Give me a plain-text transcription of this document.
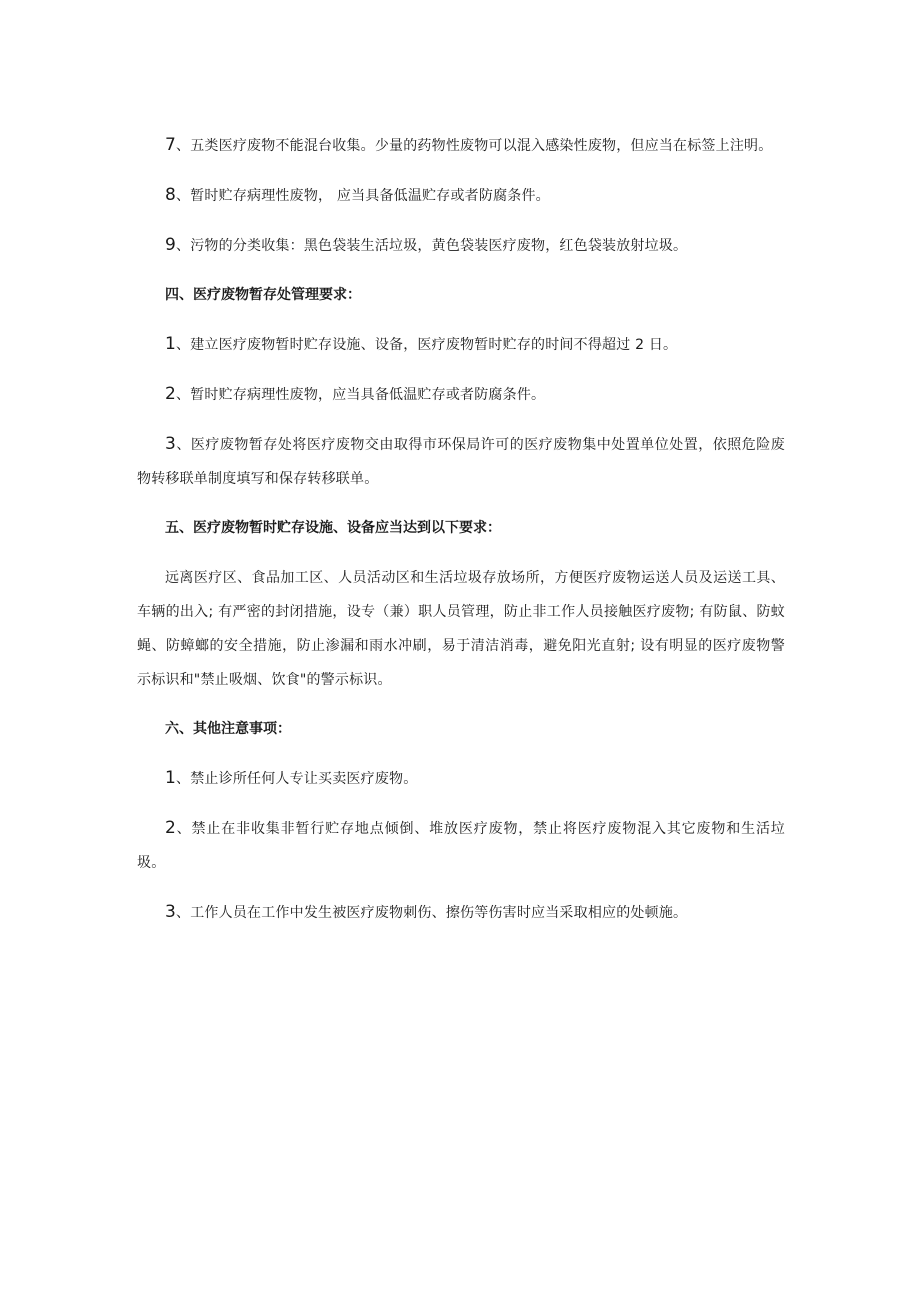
7、五类医疗废物不能混台收集。少量的药物性废物可以混入感染性废物，但应当在标签上注明。

8、暂时贮存病理性废物， 应当具备低温贮存或者防腐条件。

9、污物的分类收集：黑色袋装生活垃圾，黄色袋装医疗废物，红色袋装放射垃圾。

四、医疗废物暂存处管理要求：

1、建立医疗废物暂时贮存设施、设备，医疗废物暂时贮存的时间不得超过 2 日。

2、暂时贮存病理性废物，应当具备低温贮存或者防腐条件。

3、医疗废物暂存处将医疗废物交由取得市环保局许可的医疗废物集中处置单位处置，依照危险废物转移联单制度填写和保存转移联单。

五、医疗废物暂时贮存设施、设备应当达到以下要求：

远离医疗区、食品加工区、人员活动区和生活垃圾存放场所，方便医疗废物运送人员及运送工具、车辆的出入; 有严密的封闭措施，设专（兼）职人员管理，防止非工作人员接触医疗废物; 有防鼠、防蚊蝇、防蟑螂的安全措施，防止渗漏和雨水冲刷，易于清洁消毒，避免阳光直射; 设有明显的医疗废物警示标识和"禁止吸烟、饮食"的警示标识。

六、其他注意事项：

1、禁止诊所任何人专让买卖医疗废物。

2、禁止在非收集非暂行贮存地点倾倒、堆放医疗废物，禁止将医疗废物混入其它废物和生活垃圾。

3、工作人员在工作中发生被医疗废物刺伤、擦伤等伤害时应当采取相应的处顿施。
